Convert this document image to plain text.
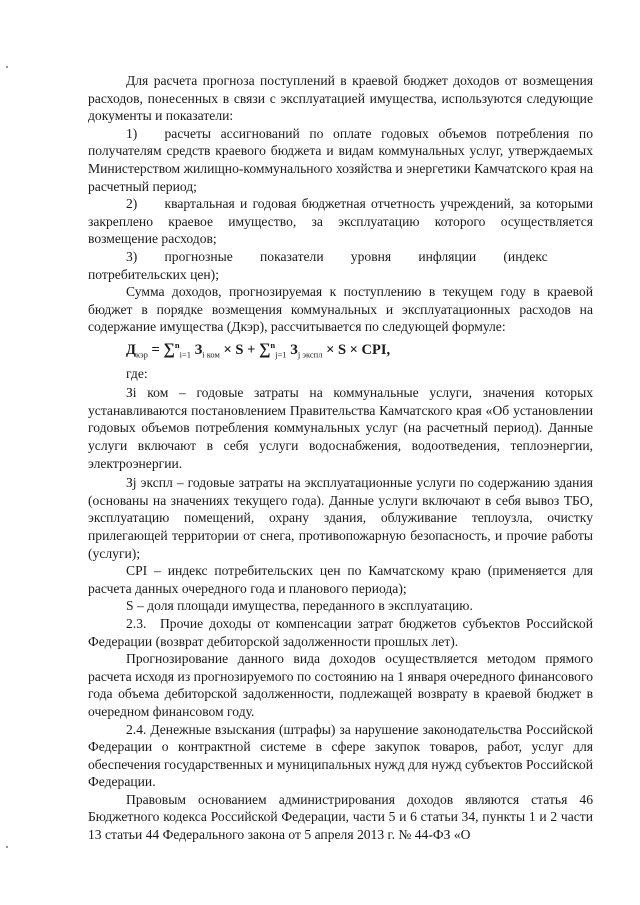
Для расчета прогноза поступлений в краевой бюджет доходов от возмещения расходов, понесенных в связи с эксплуатацией имущества, используются следующие документы и показатели:

1)  расчеты ассигнований по оплате годовых объемов потребления по получателям средств краевого бюджета и видам коммунальных услуг, утверждаемых Министерством жилищно-коммунального хозяйства и энергетики Камчатского края на расчетный период;

2)  квартальная и годовая бюджетная отчетность учреждений, за которыми закреплено краевое имущество, за эксплуатацию которого осуществляется возмещение расходов;

3)  прогнозные  показатели  уровня  инфляции  (индекс потребительских цен);

Сумма доходов, прогнозируемая к поступлению в текущем году в краевой бюджет в порядке возмещения коммунальных и эксплуатационных расходов на содержание имущества (Дкэр), рассчитывается по следующей формуле:

$Д_{кэр} = \sum^n_{i=1}$ $З_{i ком} \times S + \sum^n_{j=1}$ $З_{j экспл} \times S$ × CPI,

где:

Зi ком – годовые затраты на коммунальные услуги, значения которых устанавливаются постановлением Правительства Камчатского края «Об установлении годовых объемов потребления коммунальных услуг (на расчетный период). Данные услуги включают в себя услуги водоснабжения, водоотведения, теплоэнергии, электроэнергии.

Зj экспл – годовые затраты на эксплуатационные услуги по содержанию здания (основаны на значениях текущего года). Данные услуги включают в себя вывоз ТБО, эксплуатацию помещений, охрану здания, облуживание теплоузла, очистку прилегающей территории от снега, противопожарную безопасность, и прочие работы (услуги);

CPI – индекс потребительских цен по Камчатскому краю (применяется для расчета данных очередного года и планового периода);

S – доля площади имущества, переданного в эксплуатацию.

2.3. Прочие доходы от компенсации затрат бюджетов субъектов Российской Федерации (возврат дебиторской задолженности прошлых лет).

Прогнозирование данного вида доходов осуществляется методом прямого расчета исходя из прогнозируемого по состоянию на 1 января очередного финансового года объема дебиторской задолженности, подлежащей возврату в краевой бюджет в очередном финансовом году.

2.4. Денежные взыскания (штрафы) за нарушение законодательства Российской Федерации о контрактной системе в сфере закупок товаров, работ, услуг для обеспечения государственных и муниципальных нужд для нужд субъектов Российской Федерации.

Правовым основанием администрирования доходов являются статья 46 Бюджетного кодекса Российской Федерации, части 5 и 6 статьи 34, пункты 1 и 2 части 13 статьи 44 Федерального закона от 5 апреля 2013 г. № 44-ФЗ «О
